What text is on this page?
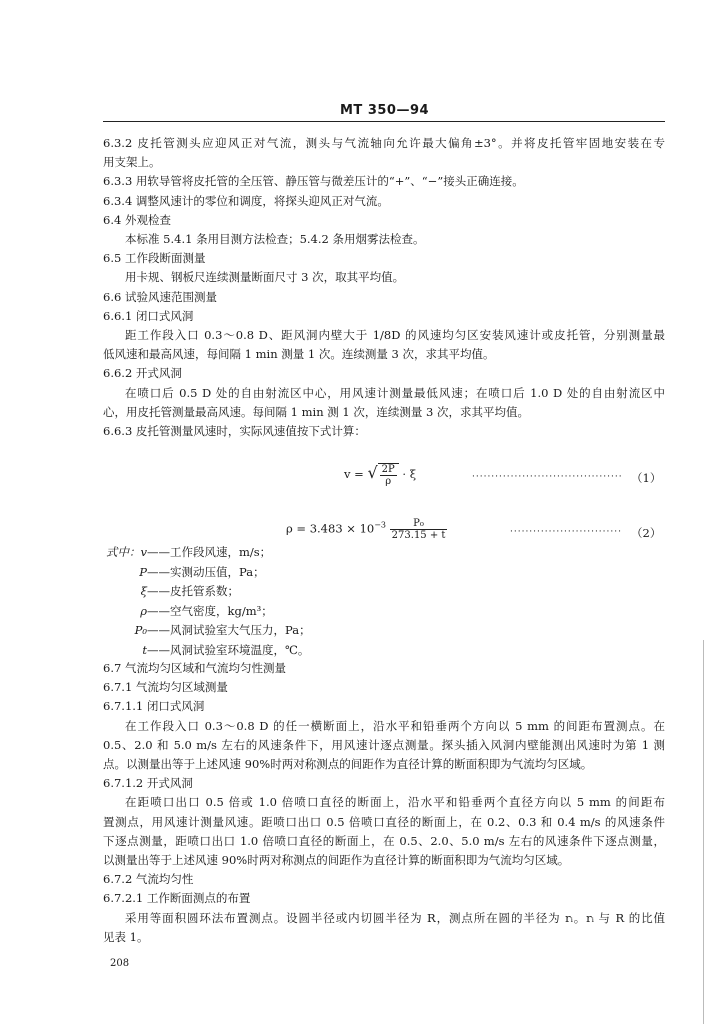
MT 350—94
6.3.2 皮托管测头应迎风正对气流，测头与气流轴向允许最大偏角±3°。并将皮托管牢固地安装在专
用支架上。
6.3.3 用软导管将皮托管的全压管、静压管与微差压计的“+”、“−”接头正确连接。
6.3.4 调整风速计的零位和调度，将探头迎风正对气流。
6.4 外观检查
本标准 5.4.1 条用目测方法检查；5.4.2 条用烟雾法检查。
6.5 工作段断面测量
用卡规、钢板尺连续测量断面尺寸 3 次，取其平均值。
6.6 试验风速范围测量
6.6.1 闭口式风洞
距工作段入口 0.3～0.8 D、距风洞内壁大于 1/8D 的风速均匀区安装风速计或皮托管，分别测量最
低风速和最高风速，每间隔 1 min 测量 1 次。连续测量 3 次，求其平均值。
6.6.2 开式风洞
在喷口后 0.5 D 处的自由射流区中心，用风速计测量最低风速；在喷口后 1.0 D 处的自由射流区中
心，用皮托管测量最高风速。每间隔 1 min 测 1 次，连续测量 3 次，求其平均值。
6.6.3 皮托管测量风速时，实际风速值按下式计算：
v = √ $\frac{2P}{\rho} \cdot \xi$	······································· （1）
$\rho = 3.483 \times 10^{-3} \frac{\text{P₀}}{273.15 + t}$	····························· （2）
式中：v——工作段风速，m/s；
P——实测动压值，Pa；
ξ——皮托管系数；
ρ——空气密度，kg/m³；
P₀——风洞试验室大气压力，Pa；
t——风洞试验室环境温度，℃。
6.7 气流均匀区域和气流均匀性测量
6.7.1 气流均匀区域测量
6.7.1.1 闭口式风洞
在工作段入口 0.3～0.8 D 的任一横断面上，沿水平和铅垂两个方向以 5 mm 的间距布置测点。在
0.5、2.0 和 5.0 m/s 左右的风速条件下，用风速计逐点测量。探头插入风洞内壁能测出风速时为第 1 测
点。以测量出等于上述风速 90%时两对称测点的间距作为直径计算的断面积即为气流均匀区域。
6.7.1.2 开式风洞
在距喷口出口 0.5 倍或 1.0 倍喷口直径的断面上，沿水平和铅垂两个直径方向以 5 mm 的间距布
置测点，用风速计测量风速。距喷口出口 0.5 倍喷口直径的断面上，在 0.2、0.3 和 0.4 m/s 的风速条件
下逐点测量，距喷口出口 1.0 倍喷口直径的断面上，在 0.5、2.0、5.0 m/s 左右的风速条件下逐点测量，
以测量出等于上述风速 90%时两对称测点的间距作为直径计算的断面积即为气流均匀区域。
6.7.2 气流均匀性
6.7.2.1 工作断面测点的布置
采用等面积圆环法布置测点。设圆半径或内切圆半径为 R，测点所在圆的半径为 rᵢ。rᵢ 与 R 的比值
见表 1。
208
